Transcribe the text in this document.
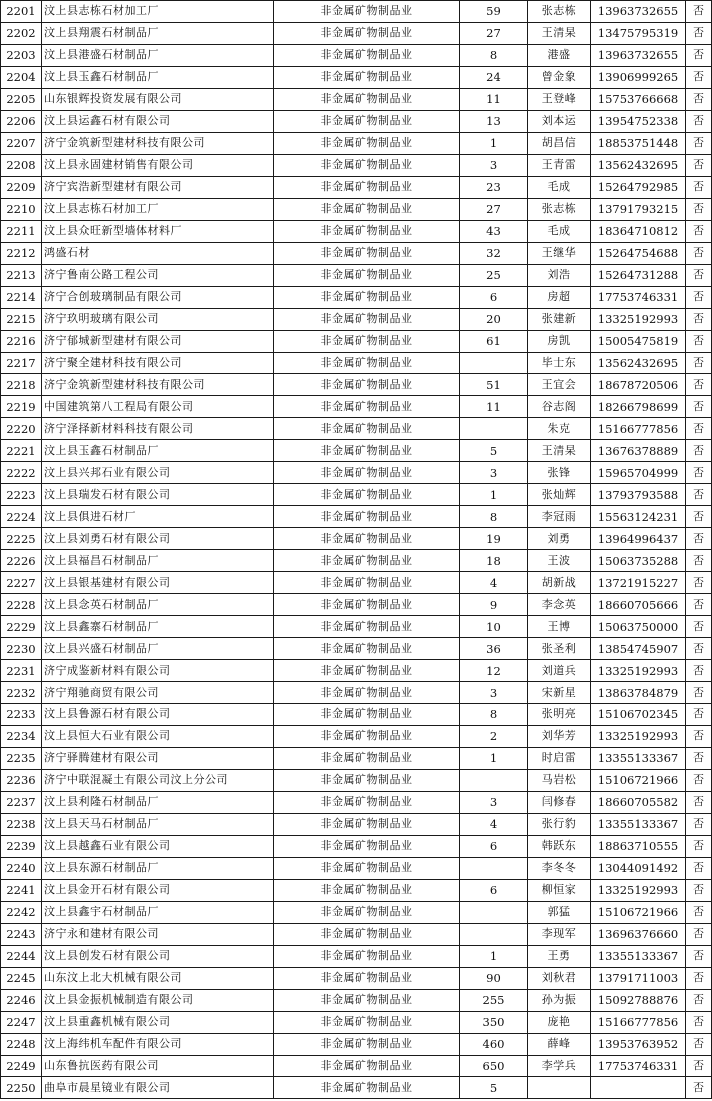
2201	汶上县志栋石材加工厂	非金属矿物制品业	59	张志栋	13963732655	否
2202	汶上县翔震石材制品厂	非金属矿物制品业	27	王清杲	13475795319	否
2203	汶上县港盛石材制品厂	非金属矿物制品业	8	港盛	13963732655	否
2204	汶上县玉鑫石材制品厂	非金属矿物制品业	24	曾金象	13906999265	否
2205	山东银辉投资发展有限公司	非金属矿物制品业	11	王登峰	15753766668	否
2206	汶上县运鑫石材有限公司	非金属矿物制品业	13	刘本运	13954752338	否
2207	济宁金筑新型建材科技有限公司	非金属矿物制品业	1	胡昌信	18853751448	否
2208	汶上县永固建材销售有限公司	非金属矿物制品业	3	王青雷	13562432695	否
2209	济宁宾浩新型建材有限公司	非金属矿物制品业	23	毛成	15264792985	否
2210	汶上县志栋石材加工厂	非金属矿物制品业	27	张志栋	13791793215	否
2211	汶上县众旺新型墙体材料厂	非金属矿物制品业	43	毛成	18364710812	否
2212	鸿盛石材	非金属矿物制品业	32	王继华	15264754688	否
2213	济宁鲁南公路工程公司	非金属矿物制品业	25	刘浩	15264731288	否
2214	济宁合创玻璃制品有限公司	非金属矿物制品业	6	房超	17753746331	否
2215	济宁玖明玻璃有限公司	非金属矿物制品业	20	张建新	13325192993	否
2216	济宁郁城新型建材有限公司	非金属矿物制品业	61	房凯	15005475819	否
2217	济宁聚全建材科技有限公司	非金属矿物制品业		毕士东	13562432695	否
2218	济宁金筑新型建材科技有限公司	非金属矿物制品业	51	王宜会	18678720506	否
2219	中国建筑第八工程局有限公司	非金属矿物制品业	11	谷志阁	18266798699	否
2220	济宁泽择新材料科技有限公司	非金属矿物制品业		朱克	15166777856	否
2221	汶上县玉鑫石材制品厂	非金属矿物制品业	5	王清杲	13676378889	否
2222	汶上县兴邦石业有限公司	非金属矿物制品业	3	张锋	15965704999	否
2223	汶上县瑞发石材有限公司	非金属矿物制品业	1	张灿辉	13793793588	否
2224	汶上县俱进石材厂	非金属矿物制品业	8	李冠雨	15563124231	否
2225	汶上县刘勇石材有限公司	非金属矿物制品业	19	刘勇	13964996437	否
2226	汶上县福昌石材制品厂	非金属矿物制品业	18	王波	15063735288	否
2227	汶上县银基建材有限公司	非金属矿物制品业	4	胡新战	13721915227	否
2228	汶上县念英石材制品厂	非金属矿物制品业	9	李念英	18660705666	否
2229	汶上县鑫寨石材制品厂	非金属矿物制品业	10	王博	15063750000	否
2230	汶上县兴盛石材制品厂	非金属矿物制品业	36	张圣利	13854745907	否
2231	济宁成鉴新材料有限公司	非金属矿物制品业	12	刘道兵	13325192993	否
2232	济宁翔驰商贸有限公司	非金属矿物制品业	3	宋新星	13863784879	否
2233	汶上县鲁源石材有限公司	非金属矿物制品业	8	张明亮	15106702345	否
2234	汶上县恒大石业有限公司	非金属矿物制品业	2	刘华芳	13325192993	否
2235	济宁驿腾建材有限公司	非金属矿物制品业	1	时启雷	13355133367	否
2236	济宁中联混凝土有限公司汶上分公司	非金属矿物制品业		马岩松	15106721966	否
2237	汶上县利隆石材制品厂	非金属矿物制品业	3	闫修春	18660705582	否
2238	汶上县天马石材制品厂	非金属矿物制品业	4	张行豹	13355133367	否
2239	汶上县越鑫石业有限公司	非金属矿物制品业	6	韩跃东	18863710555	否
2240	汶上县东源石材制品厂	非金属矿物制品业		李冬冬	13044091492	否
2241	汶上县金开石材有限公司	非金属矿物制品业	6	柳恒家	13325192993	否
2242	汶上县鑫宇石材制品厂	非金属矿物制品业		郭猛	15106721966	否
2243	济宁永和建材有限公司	非金属矿物制品业		李现军	13696376660	否
2244	汶上县创发石材有限公司	非金属矿物制品业	1	王勇	13355133367	否
2245	山东汶上北大机械有限公司	非金属矿物制品业	90	刘秋君	13791711003	否
2246	汶上县金振机械制造有限公司	非金属矿物制品业	255	孙为振	15092788876	否
2247	汶上县重鑫机械有限公司	非金属矿物制品业	350	庞艳	15166777856	否
2248	汶上海纬机车配件有限公司	非金属矿物制品业	460	薛峰	13953763952	否
2249	山东鲁抗医药有限公司	非金属矿物制品业	650	李学兵	17753746331	否
2250	曲阜市晨星镜业有限公司	非金属矿物制品业	5			否
